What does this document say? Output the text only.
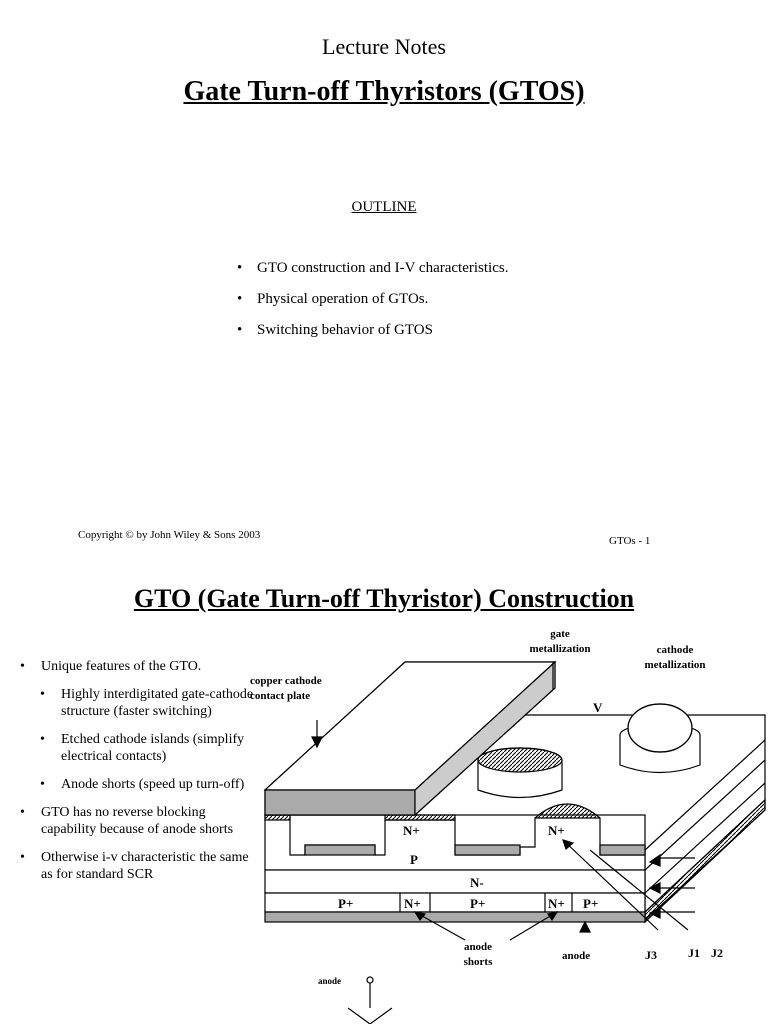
Lecture Notes
Gate Turn-off Thyristors (GTOS)
OUTLINE
• GTO construction and I-V characteristics.
• Physical operation of GTOs.
• Switching behavior of GTOS
Copyright © by John Wiley & Sons 2003	GTOs - 1
GTO (Gate Turn-off Thyristor) Construction
•	Unique features of the GTO.
•	Highly interdigitated gate-cathode structure (faster switching)
•	Etched cathode islands (simplify electrical contacts)
•	Anode shorts (speed up turn-off)
•	GTO has no reverse blocking capability because of anode shorts
•	Otherwise i-v characteristic the same as for standard SCR
copper cathode
contact plate
gate
metallization	cathode
metallization
V
anode
shorts	anode	J3	J1 J2
anode
N+	N+
P
N-
P+	N+	P+	N+ P+
